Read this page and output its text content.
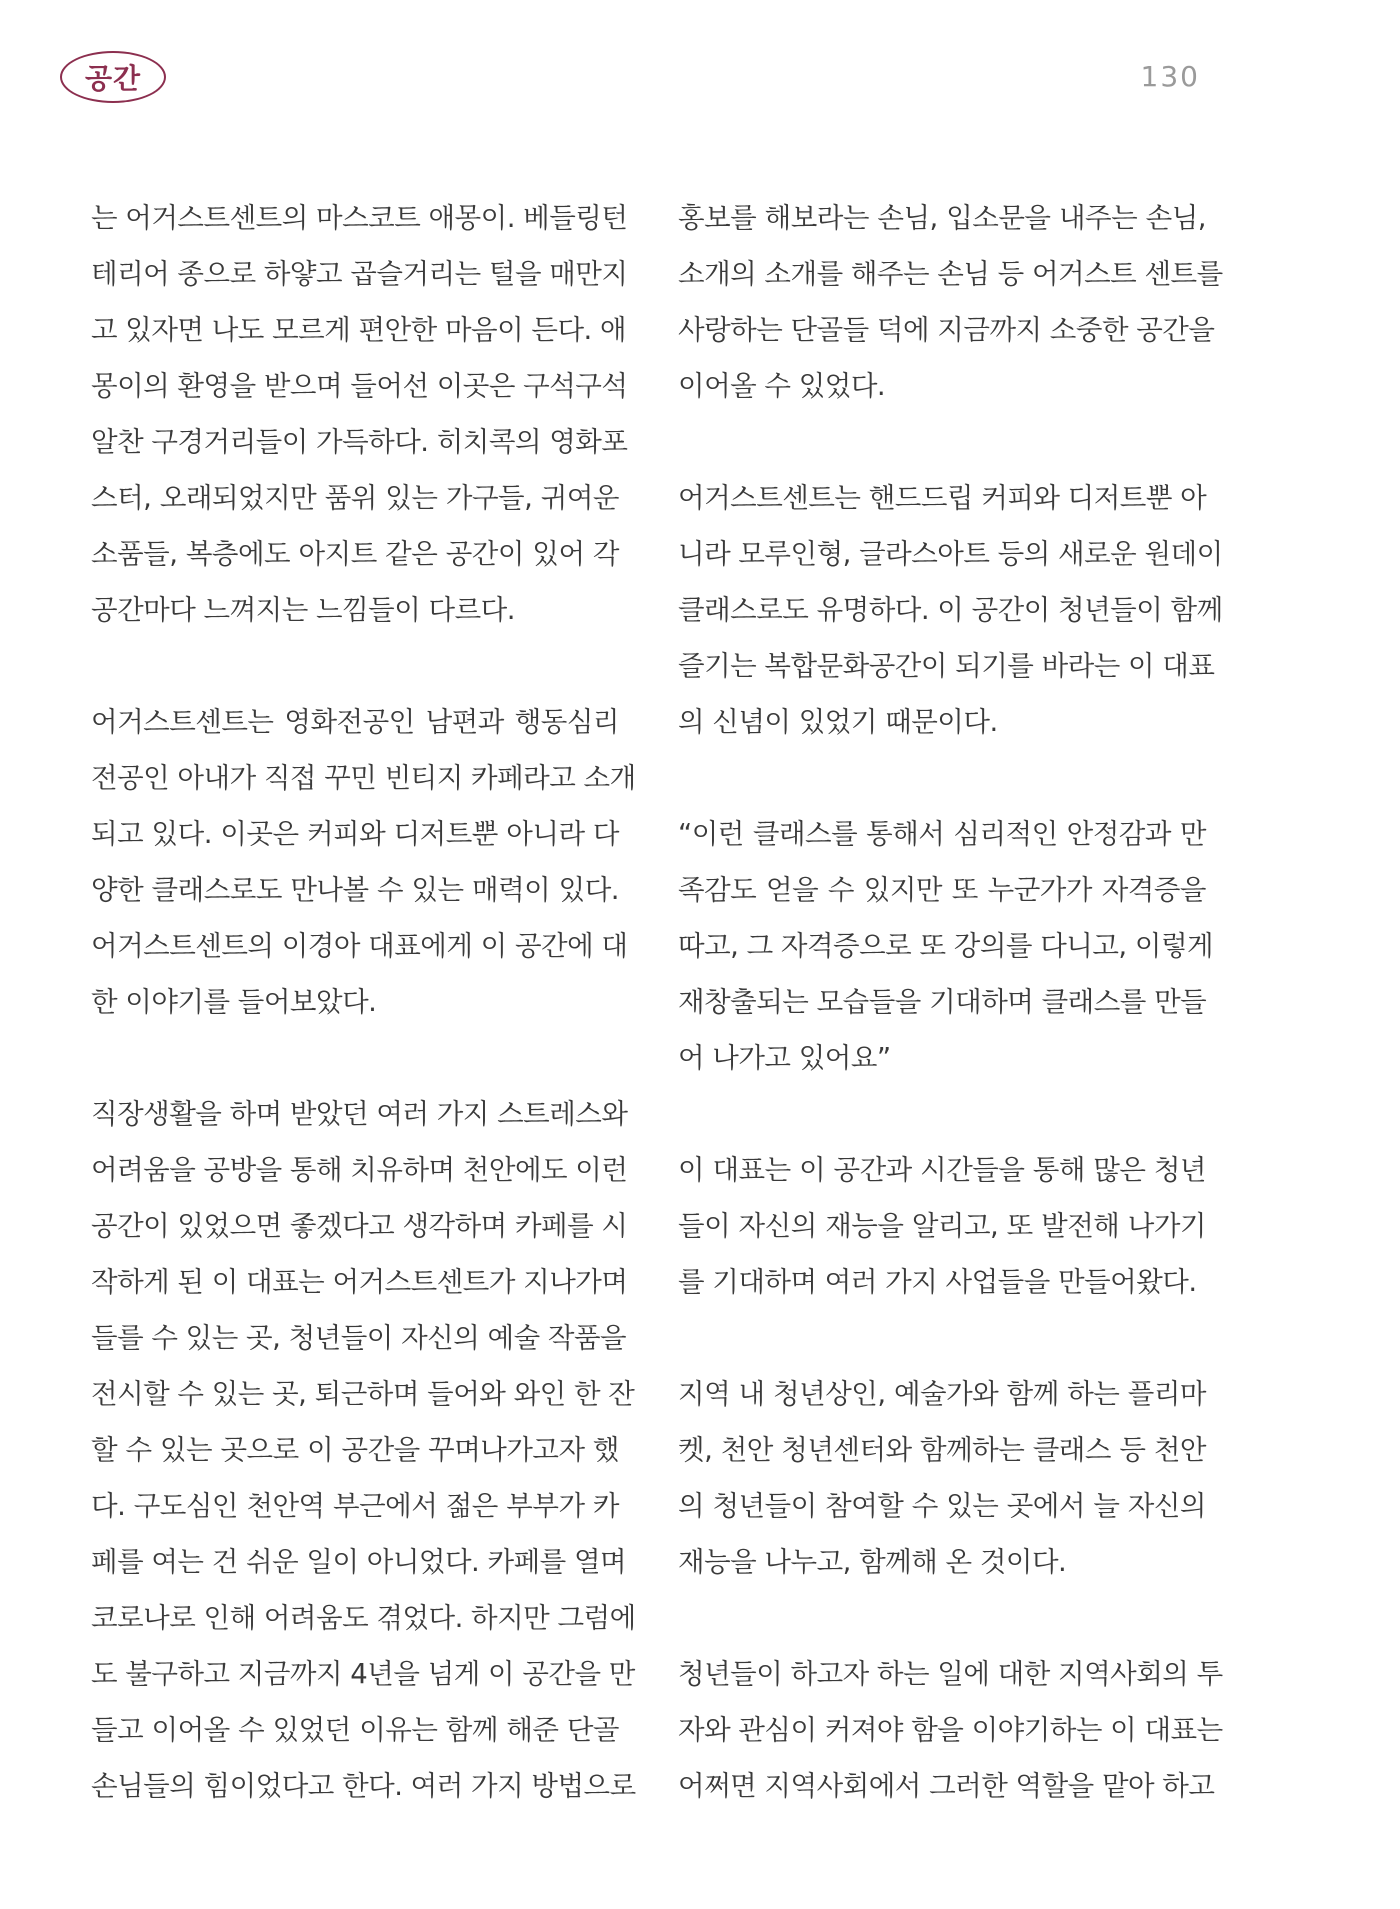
공간	130
는 어거스트센트의 마스코트 애몽이. 베들링턴
테리어 종으로 하얗고 곱슬거리는 털을 매만지
고 있자면 나도 모르게 편안한 마음이 든다. 애
몽이의 환영을 받으며 들어선 이곳은 구석구석
알찬 구경거리들이 가득하다. 히치콕의 영화포
스터, 오래되었지만 품위 있는 가구들, 귀여운
소품들, 복층에도 아지트 같은 공간이 있어 각
공간마다 느껴지는 느낌들이 다르다.
어거스트센트는 영화전공인 남편과 행동심리
전공인 아내가 직접 꾸민 빈티지 카페라고 소개
되고 있다. 이곳은 커피와 디저트뿐 아니라 다
양한 클래스로도 만나볼 수 있는 매력이 있다.
어거스트센트의 이경아 대표에게 이 공간에 대
한 이야기를 들어보았다.
직장생활을 하며 받았던 여러 가지 스트레스와
어려움을 공방을 통해 치유하며 천안에도 이런
공간이 있었으면 좋겠다고 생각하며 카페를 시
작하게 된 이 대표는 어거스트센트가 지나가며
들를 수 있는 곳, 청년들이 자신의 예술 작품을
전시할 수 있는 곳, 퇴근하며 들어와 와인 한 잔
할 수 있는 곳으로 이 공간을 꾸며나가고자 했
다. 구도심인 천안역 부근에서 젊은 부부가 카
페를 여는 건 쉬운 일이 아니었다. 카페를 열며
코로나로 인해 어려움도 겪었다. 하지만 그럼에
도 불구하고 지금까지 4년을 넘게 이 공간을 만
들고 이어올 수 있었던 이유는 함께 해준 단골
손님들의 힘이었다고 한다. 여러 가지 방법으로
홍보를 해보라는 손님, 입소문을 내주는 손님,
소개의 소개를 해주는 손님 등 어거스트 센트를
사랑하는 단골들 덕에 지금까지 소중한 공간을
이어올 수 있었다.
어거스트센트는 핸드드립 커피와 디저트뿐 아
니라 모루인형, 글라스아트 등의 새로운 원데이
클래스로도 유명하다. 이 공간이 청년들이 함께
즐기는 복합문화공간이 되기를 바라는 이 대표
의 신념이 있었기 때문이다.
“이런 클래스를 통해서 심리적인 안정감과 만
족감도 얻을 수 있지만 또 누군가가 자격증을
따고, 그 자격증으로 또 강의를 다니고, 이렇게
재창출되는 모습들을 기대하며 클래스를 만들
어 나가고 있어요”
이 대표는 이 공간과 시간들을 통해 많은 청년
들이 자신의 재능을 알리고, 또 발전해 나가기
를 기대하며 여러 가지 사업들을 만들어왔다.
지역 내 청년상인, 예술가와 함께 하는 플리마
켓, 천안 청년센터와 함께하는 클래스 등 천안
의 청년들이 참여할 수 있는 곳에서 늘 자신의
재능을 나누고, 함께해 온 것이다.
청년들이 하고자 하는 일에 대한 지역사회의 투
자와 관심이 커져야 함을 이야기하는 이 대표는
어쩌면 지역사회에서 그러한 역할을 맡아 하고
